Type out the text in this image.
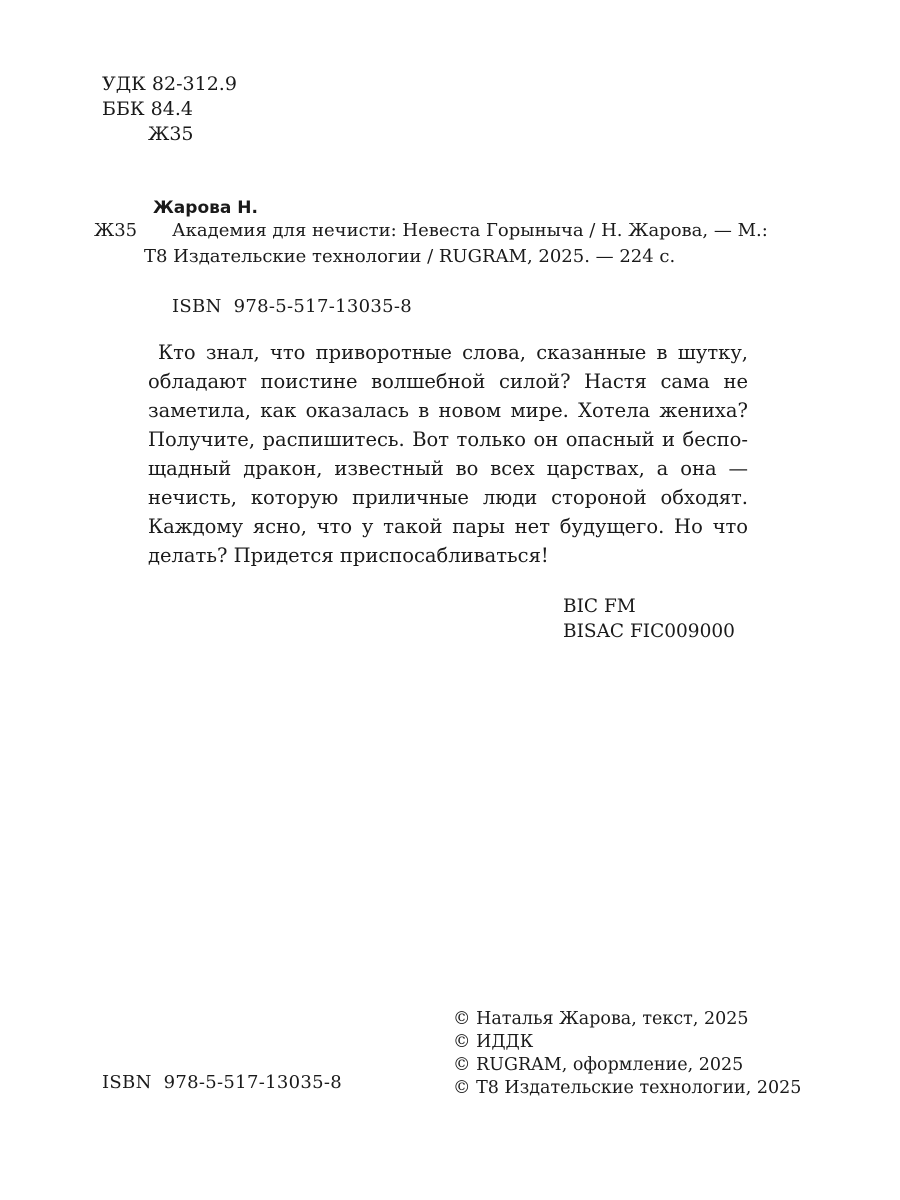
УДК 82-312.9
ББК 84.4
Ж35
Жарова Н.
Ж35 Академия для нечисти: Невеста Горыныча / Н. Жарова, — М.:
Т8 Издательские технологии / RUGRAM, 2025. — 224 с.
ISBN  978-5-517-13035-8
Кто знал, что приворотные слова, сказанные в шутку, обладают поистине волшебной силой? Настя сама не заметила, как оказалась в новом мире. Хотела жениха? Получите, распишитесь. Вот только он опасный и беспощадный дракон, известный во всех царствах, а она — нечисть, которую приличные люди стороной обходят. Каждому ясно, что у такой пары нет будущего. Но что делать? Придется приспосабливаться!
BIC FM
BISAC FIC009000
© Наталья Жарова, текст, 2025
© ИДДК
© RUGRAM, оформление, 2025
© Т8 Издательские технологии, 2025
ISBN  978-5-517-13035-8
